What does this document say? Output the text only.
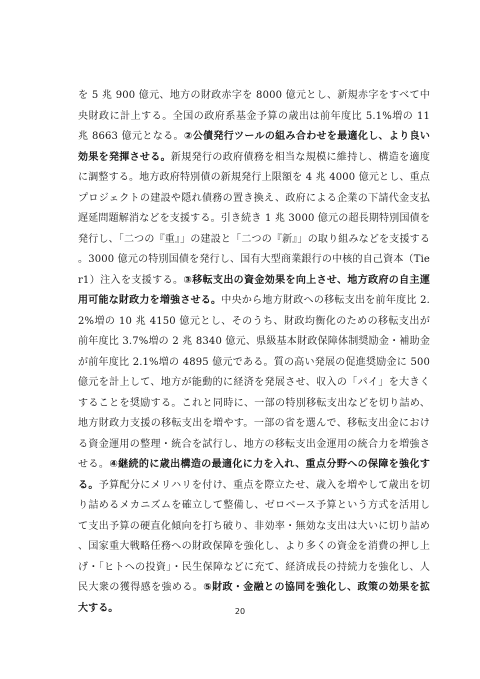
を 5 兆 900 億元、地方の財政赤字を 8000 億元とし、新規赤字をすべて中央財政に計上する。全国の政府系基金予算の歳出は前年度比 5.1%増の 11 兆 8663 億元となる。②公債発行ツールの組み合わせを最適化し、より良い効果を発揮させる。新規発行の政府債務を相当な規模に維持し、構造を適度に調整する。地方政府特別債の新規発行上限額を 4 兆 4000 億元とし、重点プロジェクトの建設や隠れ債務の置き換え、政府による企業の下請代金支払遅延問題解消などを支援する。引き続き 1 兆 3000 億元の超長期特別国債を発行し、「二つの『重』」の建設と「二つの『新』」の取り組みなどを支援する。3000 億元の特別国債を発行し、国有大型商業銀行の中核的自己資本（Tier1）注入を支援する。③移転支出の資金効果を向上させ、地方政府の自主運用可能な財政力を増強させる。中央から地方財政への移転支出を前年度比 2.2%増の 10 兆 4150 億元とし、そのうち、財政均衡化のための移転支出が前年度比 3.7%増の 2 兆 8340 億元、県級基本財政保障体制奨励金・補助金が前年度比 2.1%増の 4895 億元である。質の高い発展の促進奨励金に 500 億元を計上して、地方が能動的に経済を発展させ、収入の「パイ」を大きくすることを奨励する。これと同時に、一部の特別移転支出などを切り詰め、地方財政力支援の移転支出を増やす。一部の省を選んで、移転支出金における資金運用の整理・統合を試行し、地方の移転支出金運用の統合力を増強させる。④継続的に歳出構造の最適化に力を入れ、重点分野への保障を強化する。予算配分にメリハリを付け、重点を際立たせ、歳入を増やして歳出を切り詰めるメカニズムを確立して整備し、ゼロベース予算という方式を活用して支出予算の硬直化傾向を打ち破り、非効率・無効な支出は大いに切り詰め、国家重大戦略任務への財政保障を強化し、より多くの資金を消費の押し上げ・「ヒトへの投資」・民生保障などに充て、経済成長の持続力を強化し、人民大衆の獲得感を強める。⑤財政・金融との協同を強化し、政策の効果を拡大する。	20
